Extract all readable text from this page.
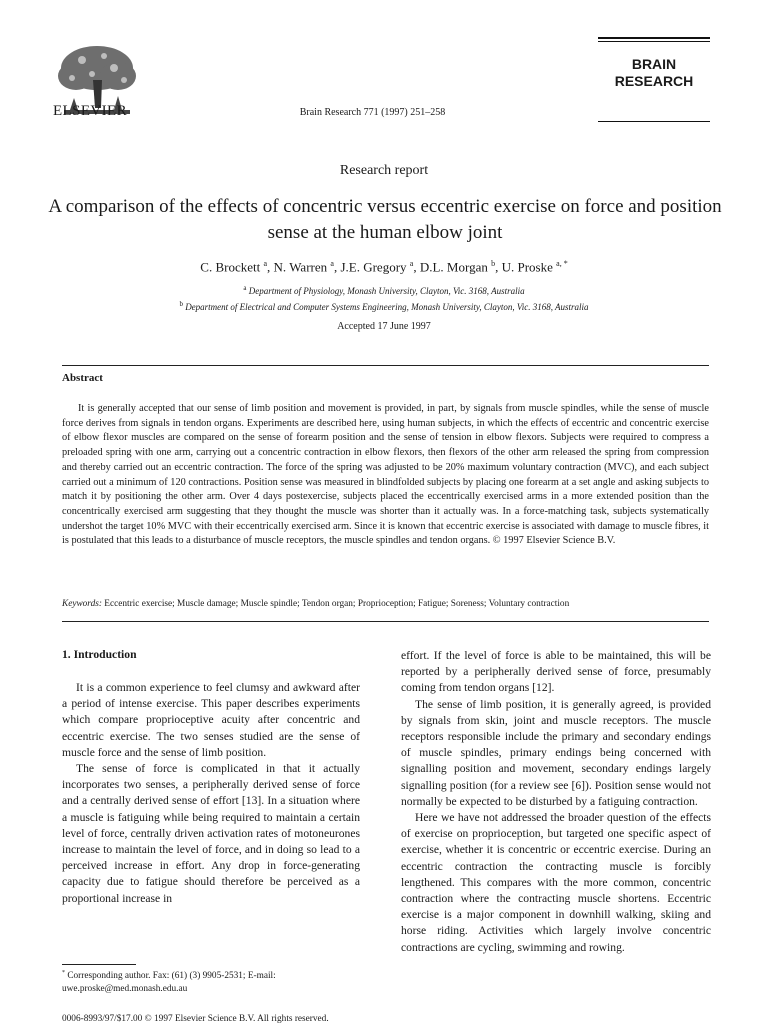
ELSEVIER	Brain Research 771 (1997) 251–258
BRAIN
RESEARCH
Research report
A comparison of the effects of concentric versus eccentric exercise on force and position sense at the human elbow joint
C. Brockett $^a$, N. Warren $^a$, J.E. Gregory $^a$, D.L. Morgan $^b$, U. Proske $^{a, *}$
$^a$ Department of Physiology, Monash University, Clayton, Vic. 3168, Australia
$^b$ Department of Electrical and Computer Systems Engineering, Monash University, Clayton, Vic. 3168, Australia
Accepted 17 June 1997
Abstract

It is generally accepted that our sense of limb position and movement is provided, in part, by signals from muscle spindles, while the sense of muscle force derives from signals in tendon organs. Experiments are described here, using human subjects, in which the effects of eccentric and concentric exercise of elbow flexor muscles are compared on the sense of forearm position and the sense of tension in elbow flexors. Subjects were required to compress a preloaded spring with one arm, carrying out a concentric contraction in elbow flexors, then flexors of the other arm released the spring from compression and thereby carried out an eccentric contraction. The force of the spring was adjusted to be 20% maximum voluntary contraction (MVC), and each subject carried out a minimum of 120 contractions. Position sense was measured in blindfolded subjects by placing one forearm at a set angle and asking subjects to match it by positioning the other arm. Over 4 days postexercise, subjects placed the eccentrically exercised arms in a more extended position than the concentrically exercised arm suggesting that they thought the muscle was shorter than it actually was. In a force-matching task, subjects systematically undershot the target 10% MVC with their eccentrically exercised arm. Since it is known that eccentric exercise is associated with damage to muscle fibres, it is postulated that this leads to a disturbance of muscle receptors, the muscle spindles and tendon organs. © 1997 Elsevier Science B.V.

Keywords: Eccentric exercise; Muscle damage; Muscle spindle; Tendon organ; Proprioception; Fatigue; Soreness; Voluntary contraction
1. Introduction

It is a common experience to feel clumsy and awkward after a period of intense exercise. This paper describes experiments which compare proprioceptive acuity after concentric and eccentric exercise. The two senses studied are the sense of muscle force and the sense of limb position.

The sense of force is complicated in that it actually incorporates two senses, a peripherally derived sense of force and a centrally derived sense of effort [13]. In a situation where a muscle is fatiguing while being required to maintain a certain level of force, centrally driven activation rates of motoneurones increase to maintain the level of force, and in doing so lead to a perceived increase in effort. Any drop in force-generating capacity due to fatigue should therefore be perceived as a proportional increase in

effort. If the level of force is able to be maintained, this will be reported by a peripherally derived sense of force, presumably coming from tendon organs [12].

The sense of limb position, it is generally agreed, is provided by signals from skin, joint and muscle receptors. The muscle receptors responsible include the primary and secondary endings of muscle spindles, primary endings being concerned with signalling position and movement, secondary endings largely signalling position (for a review see [6]). Position sense would not normally be expected to be disturbed by a fatiguing contraction.

Here we have not addressed the broader question of the effects of exercise on proprioception, but targeted one specific aspect of exercise, whether it is concentric or eccentric exercise. During an eccentric contraction the contracting muscle is forcibly lengthened. This compares with the more common, concentric contraction where the contracting muscle shortens. Eccentric exercise is a major component in downhill walking, skiing and horse riding. Activities which largely involve concentric contractions are cycling, swimming and rowing.

* Corresponding author. Fax: (61) (3) 9905-2531; E-mail: uwe.proske@med.monash.edu.au
0006-8993/97/$17.00 © 1997 Elsevier Science B.V. All rights reserved.
